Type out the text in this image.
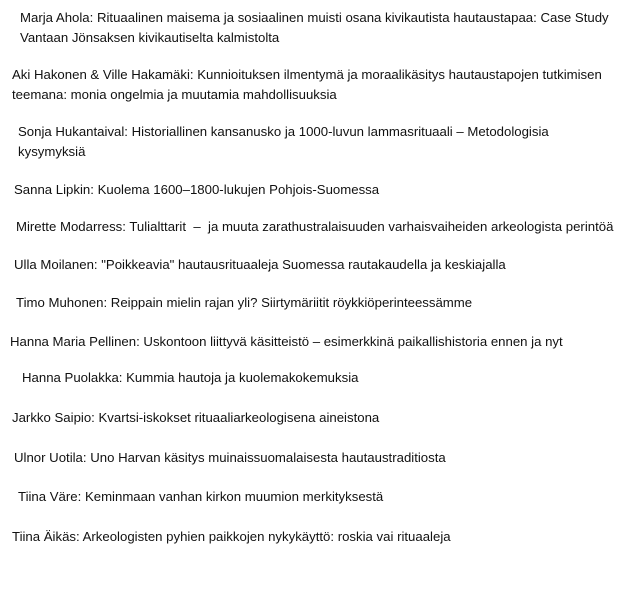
Marja Ahola: Rituaalinen maisema ja sosiaalinen muisti osana kivikautista hautaustapaa: Case Study Vantaan Jönsaksen kivikautiselta kalmistolta

Aki Hakonen & Ville Hakamäki: Kunnioituksen ilmentymä ja moraalikäsitys hautaustapojen tutkimisen teemana: monia ongelmia ja muutamia mahdollisuuksia

Sonja Hukantaival: Historiallinen kansanusko ja 1000-luvun lammasrituaali – Metodologisia kysymyksiä

Sanna Lipkin: Kuolema 1600–1800-lukujen Pohjois-Suomessa

Mirette Modarress: Tulialttarit  –  ja muuta zarathustralaisuuden varhaisvaiheiden arkeologista perintöä

Ulla Moilanen: "Poikkeavia" hautausrituaaleja Suomessa rautakaudella ja keskiajalla

Timo Muhonen: Reippain mielin rajan yli? Siirtymäriitit röykkiöperinteessämme

Hanna Maria Pellinen: Uskontoon liittyvä käsitteistö – esimerkkinä paikallishistoria ennen ja nyt

Hanna Puolakka: Kummia hautoja ja kuolemakokemuksia

Jarkko Saipio: Kvartsi-iskokset rituaaliarkeologisena aineistona

Ulnor Uotila: Uno Harvan käsitys muinaissuomalaisesta hautaustraditiosta

Tiina Väre: Keminmaan vanhan kirkon muumion merkityksestä

Tiina Äikäs: Arkeologisten pyhien paikkojen nykykäyttö: roskia vai rituaaleja
